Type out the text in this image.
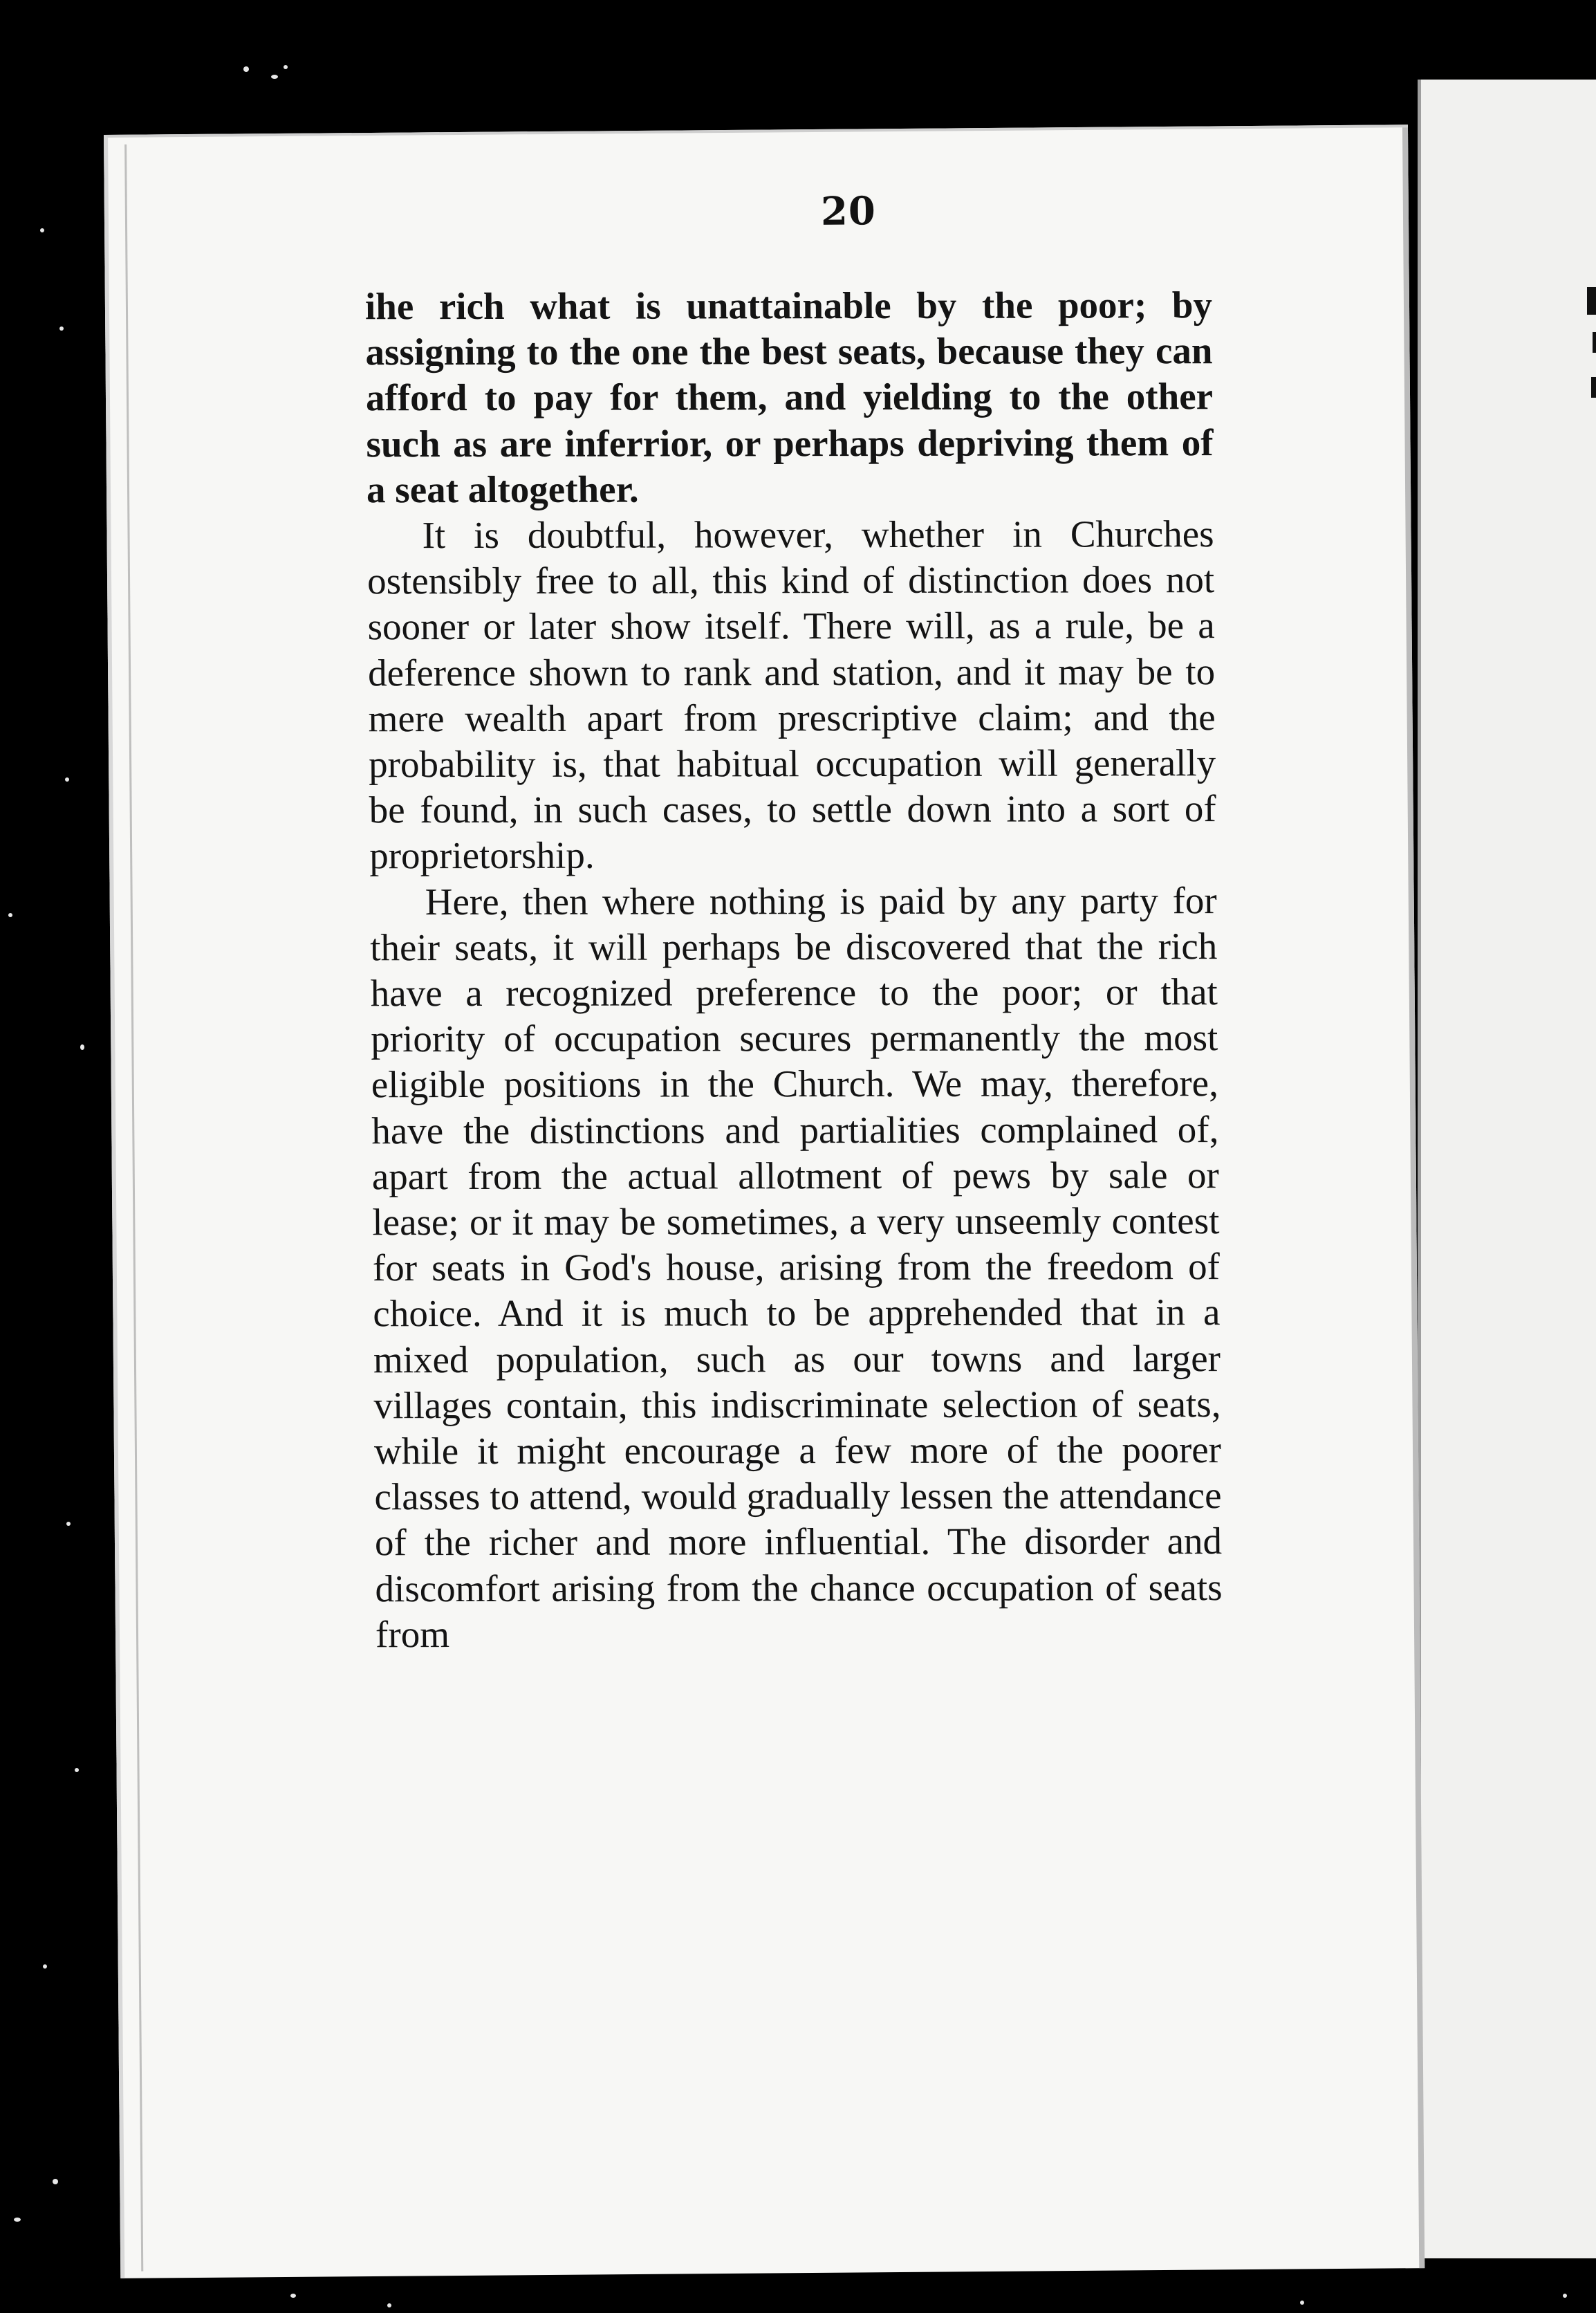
20

ihe rich what is unattainable by the poor; by assigning to the one the best seats, because they can afford to pay for them, and yielding to the other such as are inferrior, or perhaps depriving them of a seat altogether.

It is doubtful, however, whether in Churches ostensibly free to all, this kind of distinction does not sooner or later show itself. There will, as a rule, be a deference shown to rank and station, and it may be to mere wealth apart from prescriptive claim; and the probability is, that habitual occupation will generally be found, in such cases, to settle down into a sort of proprietorship.

Here, then where nothing is paid by any party for their seats, it will perhaps be discovered that the rich have a recognized preference to the poor; or that priority of occupation secures permanently the most eligible positions in the Church. We may, therefore, have the distinctions and partialities complained of, apart from the actual allotment of pews by sale or lease; or it may be sometimes, a very unseemly contest for seats in God's house, arising from the freedom of choice. And it is much to be apprehended that in a mixed population, such as our towns and larger villages contain, this indiscriminate selection of seats, while it might encourage a few more of the poorer classes to attend, would gradually lessen the attendance of the richer and more influential. The disorder and discomfort arising from the chance occupation of seats from
